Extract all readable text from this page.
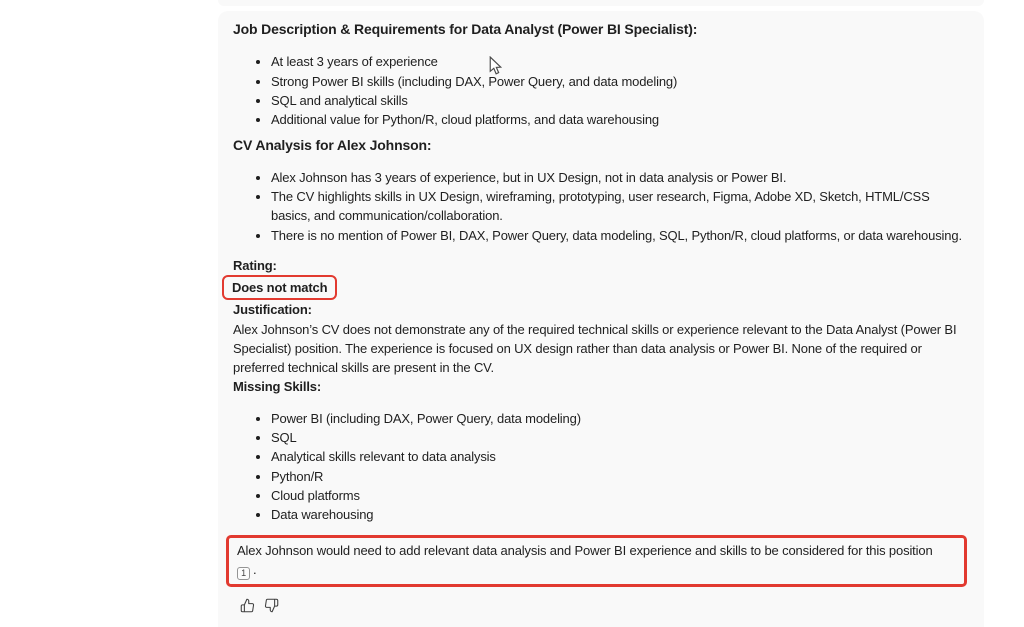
Job Description & Requirements for Data Analyst (Power BI Specialist):
• At least 3 years of experience
• Strong Power BI skills (including DAX, Power Query, and data modeling)
• SQL and analytical skills
• Additional value for Python/R, cloud platforms, and data warehousing
CV Analysis for Alex Johnson:
• Alex Johnson has 3 years of experience, but in UX Design, not in data analysis or Power BI.
• The CV highlights skills in UX Design, wireframing, prototyping, user research, Figma, Adobe XD, Sketch, HTML/CSS basics, and communication/collaboration.
• There is no mention of Power BI, DAX, Power Query, data modeling, SQL, Python/R, cloud platforms, or data warehousing.
Rating:
Does not match
Justification:
Alex Johnson’s CV does not demonstrate any of the required technical skills or experience relevant to the Data Analyst (Power BI Specialist) position. The experience is focused on UX design rather than data analysis or Power BI. None of the required or preferred technical skills are present in the CV.
Missing Skills:
• Power BI (including DAX, Power Query, data modeling)
• SQL
• Analytical skills relevant to data analysis
• Python/R
• Cloud platforms
• Data warehousing
Alex Johnson would need to add relevant data analysis and Power BI experience and skills to be considered for this position
1 .
